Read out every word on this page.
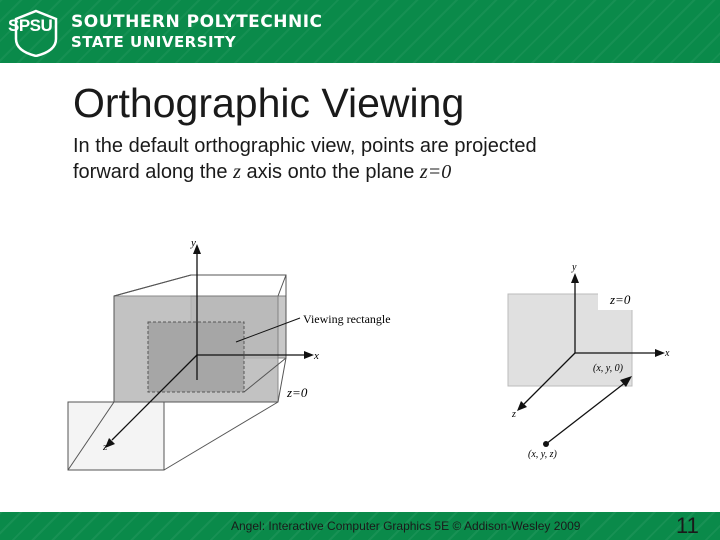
SPSU SOUTHERN POLYTECHNIC
STATE UNIVERSITY
Orthographic Viewing
In the default orthographic view, points are projected forward along the z axis onto the plane z=0
y
x
z
Viewing rectangle
z=0
z=0
y
x
z
(x, y, 0)
(x, y, z)
Angel: Interactive Computer Graphics 5E © Addison-Wesley 2009	11
